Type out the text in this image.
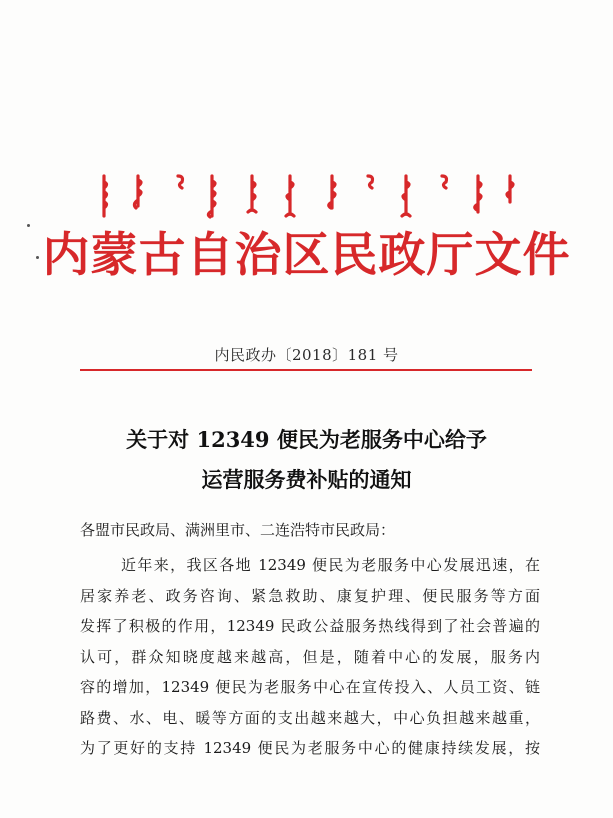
内蒙古自治区民政厅文件
内民政办〔2018〕181 号
关于对 12349 便民为老服务中心给予
运营服务费补贴的通知
各盟市民政局、满洲里市、二连浩特市民政局：
近年来，我区各地 12349 便民为老服务中心发展迅速，在
居家养老、政务咨询、紧急救助、康复护理、便民服务等方面
发挥了积极的作用，12349 民政公益服务热线得到了社会普遍的
认可，群众知晓度越来越高，但是，随着中心的发展，服务内
容的增加，12349 便民为老服务中心在宣传投入、人员工资、链
路费、水、电、暖等方面的支出越来越大，中心负担越来越重，
为了更好的支持 12349 便民为老服务中心的健康持续发展，按
